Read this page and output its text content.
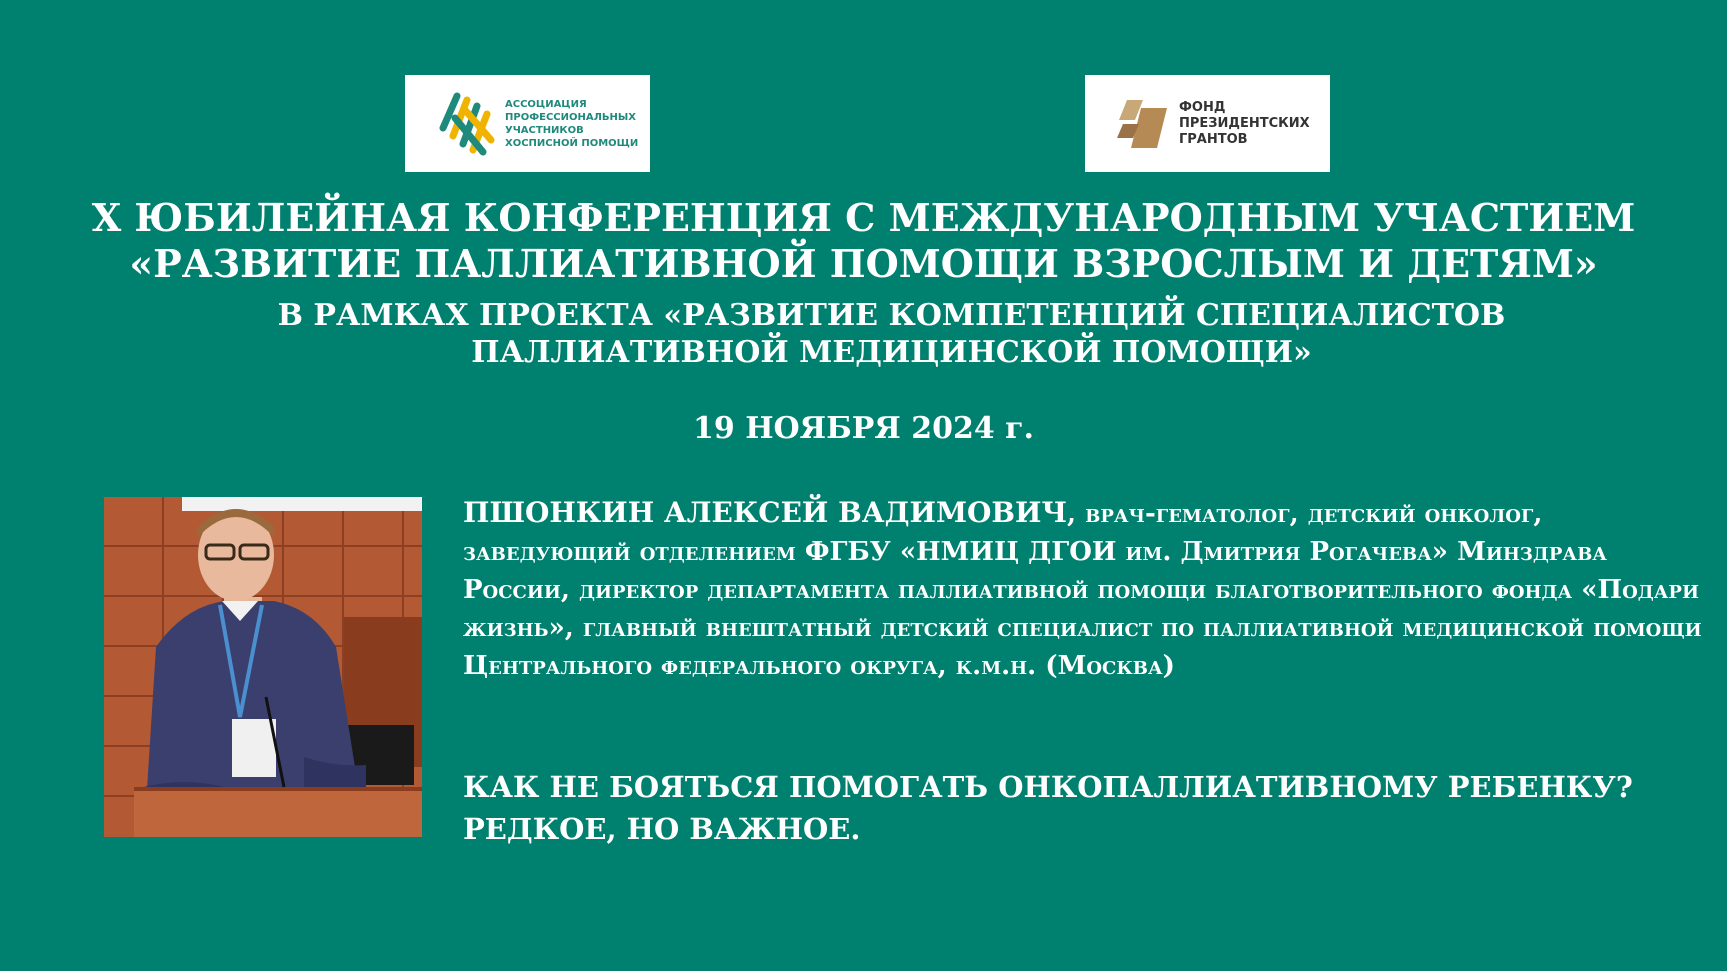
АССОЦИАЦИЯ
ПРОФЕССИОНАЛЬНЫХ
УЧАСТНИКОВ
ХОСПИСНОЙ ПОМОЩИ
ФОНД
ПРЕЗИДЕНТСКИХ
ГРАНТОВ
X ЮБИЛЕЙНАЯ КОНФЕРЕНЦИЯ С МЕЖДУНАРОДНЫМ УЧАСТИЕМ
«РАЗВИТИЕ ПАЛЛИАТИВНОЙ ПОМОЩИ ВЗРОСЛЫМ И ДЕТЯМ»
В РАМКАХ ПРОЕКТА «РАЗВИТИЕ КОМПЕТЕНЦИЙ СПЕЦИАЛИСТОВ
ПАЛЛИАТИВНОЙ МЕДИЦИНСКОЙ ПОМОЩИ»
19 НОЯБРЯ 2024 г.
ПШОНКИН АЛЕКСЕЙ ВАДИМОВИЧ, врач-гематолог, детский онколог, заведующий отделением ФГБУ «НМИЦ ДГОИ им. Дмитрия Рогачева» Минздрава России, директор департамента паллиативной помощи благотворительного фонда «Подари жизнь», главный внештатный детский специалист по паллиативной медицинской помощи Центрального федерального округа, к.м.н. (Москва)
КАК НЕ БОЯТЬСЯ ПОМОГАТЬ ОНКОПАЛЛИАТИВНОМУ РЕБЕНКУ?
РЕДКОЕ, НО ВАЖНОЕ.
